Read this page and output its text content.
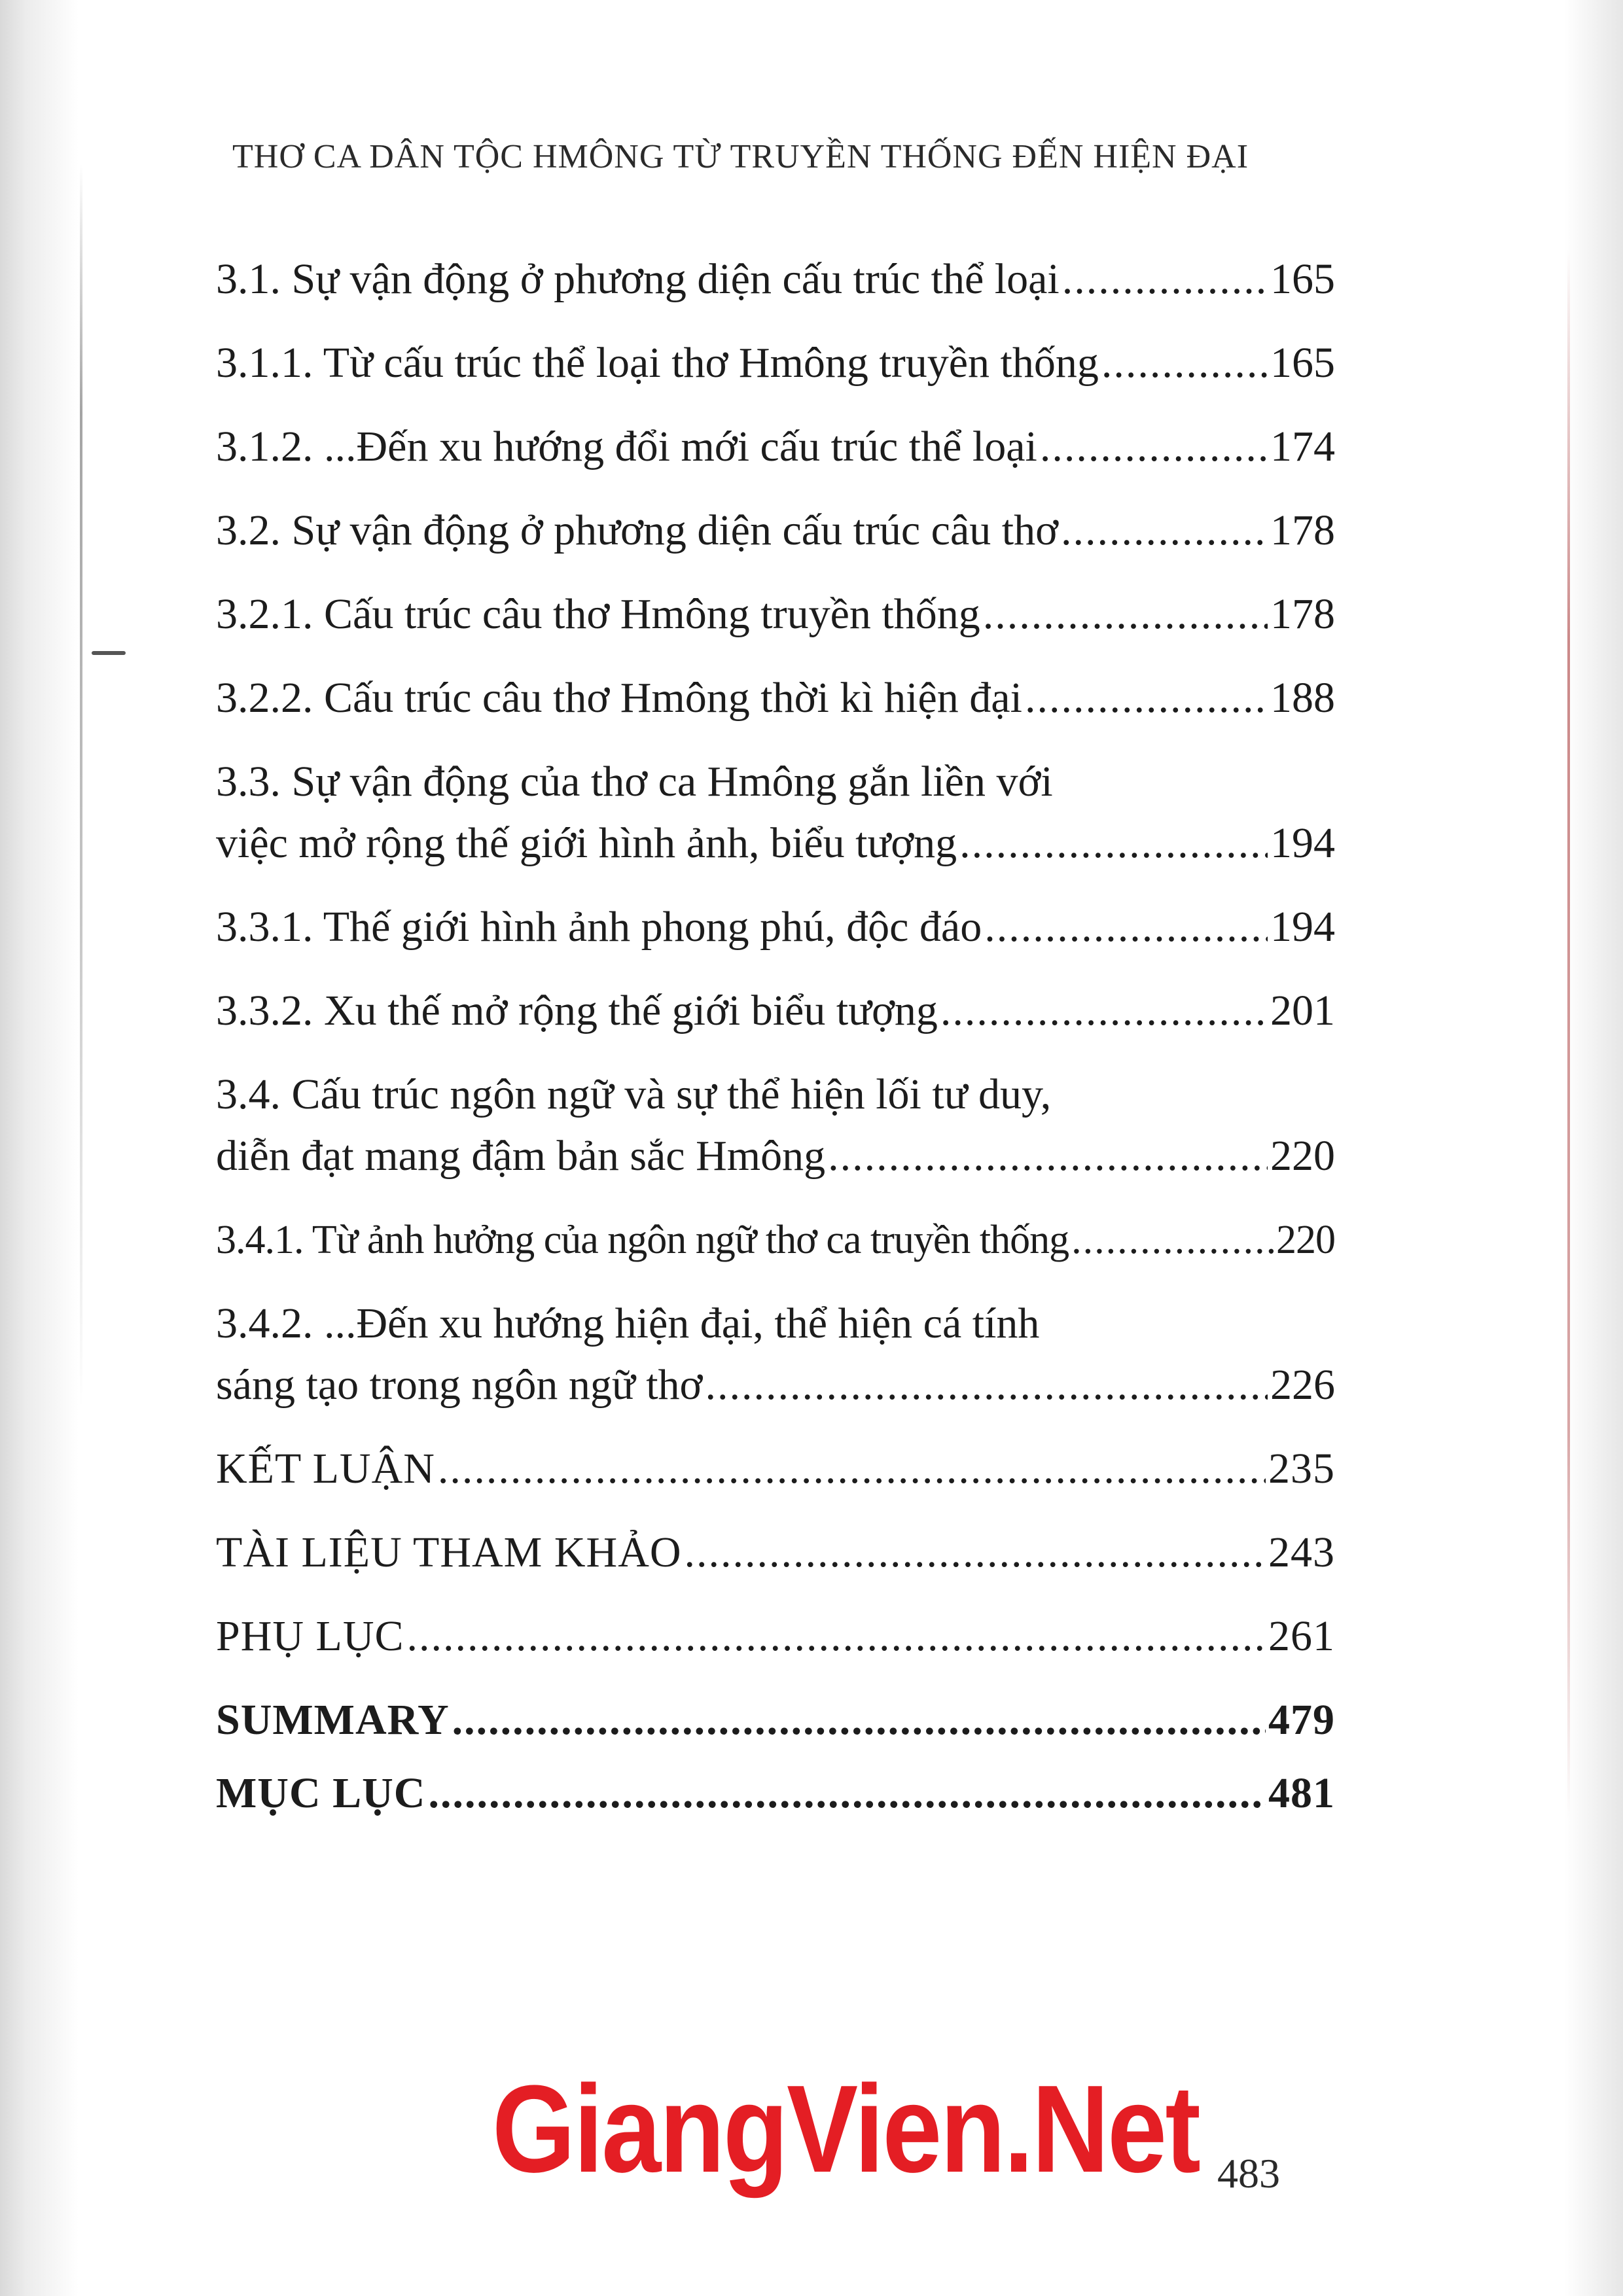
THƠ CA DÂN TỘC HMÔNG TỪ TRUYỀN THỐNG ĐẾN HIỆN ĐẠI
3.1. Sự vận động ở phương diện cấu trúc thể loại .....	165
3.1.1. Từ cấu trúc thể loại thơ Hmông truyền thống .....	165
3.1.2. ...Đến xu hướng đổi mới cấu trúc thể loại .....	174
3.2. Sự vận động ở phương diện cấu trúc câu thơ .....	178
3.2.1. Cấu trúc câu thơ Hmông truyền thống .....	178
3.2.2. Cấu trúc câu thơ Hmông thời kì hiện đại .....	188
3.3. Sự vận động của thơ ca Hmông gắn liền với
việc mở rộng thế giới hình ảnh, biểu tượng .....	194
3.3.1. Thế giới hình ảnh phong phú, độc đáo .....	194
3.3.2. Xu thế mở rộng thế giới biểu tượng .....	201
3.4. Cấu trúc ngôn ngữ và sự thể hiện lối tư duy,
diễn đạt mang đậm bản sắc Hmông .....	220
3.4.1. Từ ảnh hưởng của ngôn ngữ thơ ca truyền thống .....	220
3.4.2. ...Đến xu hướng hiện đại, thể hiện cá tính
sáng tạo trong ngôn ngữ thơ .....	226
KẾT LUẬN .....	235
TÀI LIỆU THAM KHẢO .....	243
PHỤ LỤC .....	261
SUMMARY .....	479
MỤC LỤC .....	481
GiangVien.Net 483
